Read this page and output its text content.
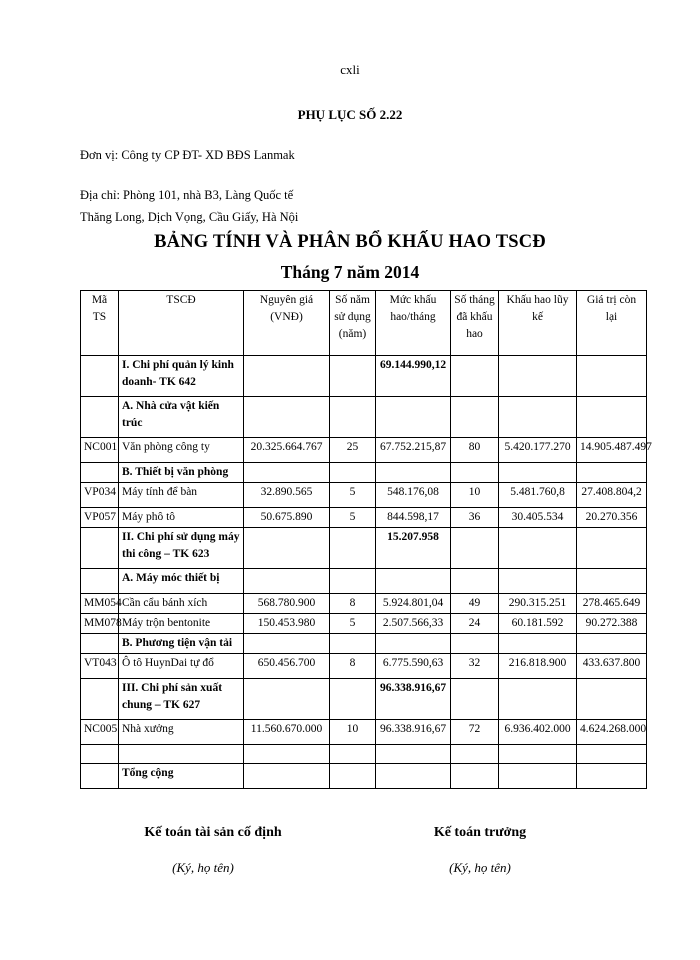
cxli
PHỤ LỤC SỐ 2.22
Đơn vị: Công ty CP ĐT- XD BĐS Lanmak
Địa chỉ: Phòng 101, nhà B3, Làng Quốc tế
Thăng Long, Dịch Vọng, Cầu Giấy, Hà Nội
BẢNG TÍNH VÀ PHÂN BỔ KHẤU HAO TSCĐ
Tháng 7 năm 2014
Mã TS	TSCĐ	Nguyên giá (VNĐ)	Số năm sử dụng (năm)	Mức khấu hao/tháng	Số tháng đã khấu hao	Khấu hao lũy kế	Giá trị còn lại
	I. Chi phí quản lý kinh doanh- TK 642			69.144.990,12			
	A. Nhà cửa vật kiến trúc						
NC001	Văn phòng công ty	20.325.664.767	25	67.752.215,87	80	5.420.177.270	14.905.487.497
	B. Thiết bị văn phòng						
VP034	Máy tính để bàn	32.890.565	5	548.176,08	10	5.481.760,8	27.408.804,2
VP057	Máy phô tô	50.675.890	5	844.598,17	36	30.405.534	20.270.356
	II. Chi phí sử dụng máy thi công – TK 623			15.207.958			
	A. Máy móc thiết bị						
MM054	Cần cẩu bánh xích	568.780.900	8	5.924.801,04	49	290.315.251	278.465.649
MM078	Máy trộn bentonite	150.453.980	5	2.507.566,33	24	60.181.592	90.272.388
	B. Phương tiện vận tải						
VT043	Ô tô HuynDai tự đổ	650.456.700	8	6.775.590,63	32	216.818.900	433.637.800
	III. Chi phí sản xuất chung – TK 627			96.338.916,67			
NC005	Nhà xưởng	11.560.670.000	10	96.338.916,67	72	6.936.402.000	4.624.268.000

	Tổng cộng						
Kế toán tài sản cố định	Kế toán trưởng
(Ký, họ tên)	(Ký, họ tên)
